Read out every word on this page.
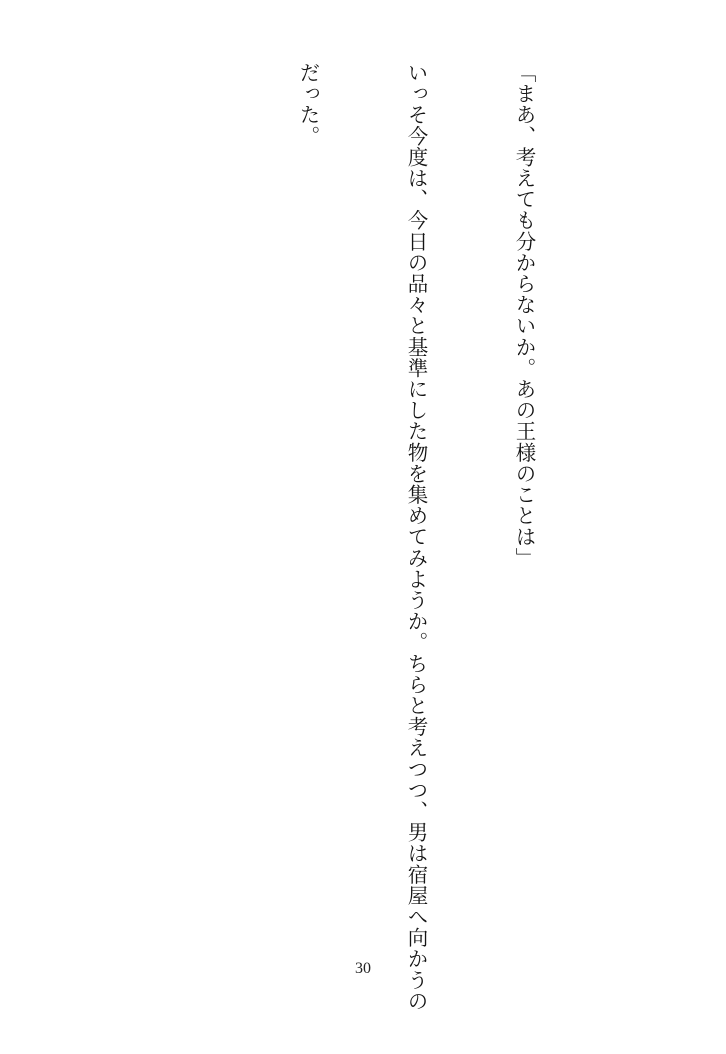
「まあ、考えても分からないか。あの王様のことは」

いっそ今度は、今日の品々と基準にした物を集めてみようか。ちらと考えつつ、男は宿屋へ向かうの

だった。

30
